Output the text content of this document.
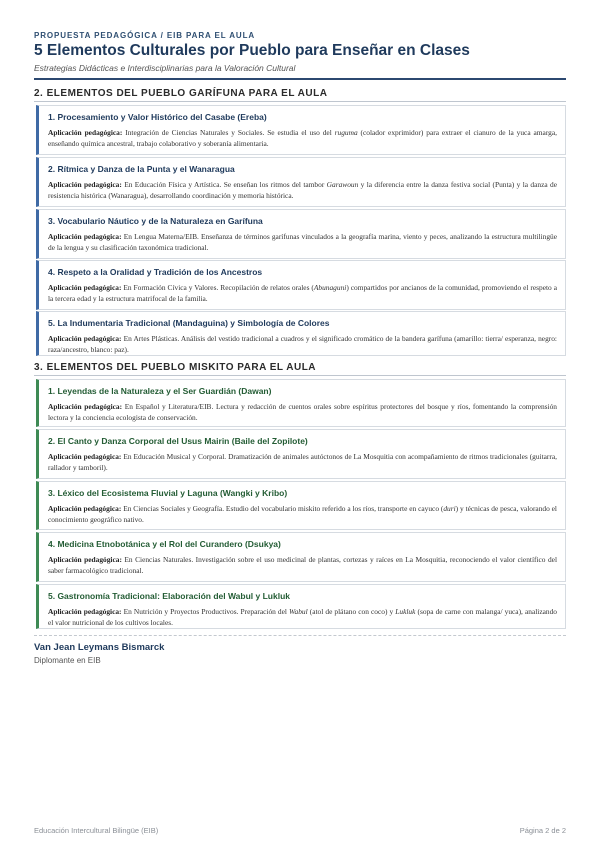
PROPUESTA PEDAGÓGICA / EIB PARA EL AULA
5 Elementos Culturales por Pueblo para Enseñar en Clases
Estrategias Didácticas e Interdisciplinarias para la Valoración Cultural
2. ELEMENTOS DEL PUEBLO GARÍFUNA PARA EL AULA
1. Procesamiento y Valor Histórico del Casabe (Ereba)
Aplicación pedagógica: Integración de Ciencias Naturales y Sociales. Se estudia el uso del ruguma (colador exprimidor) para extraer el cianuro de la yuca amarga, enseñando química ancestral, trabajo colaborativo y soberanía alimentaria.
2. Rítmica y Danza de la Punta y el Wanaragua
Aplicación pedagógica: En Educación Física y Artística. Se enseñan los ritmos del tambor Garawoun y la diferencia entre la danza festiva social (Punta) y la danza de resistencia histórica (Wanaragua), desarrollando coordinación y memoria histórica.
3. Vocabulario Náutico y de la Naturaleza en Garífuna
Aplicación pedagógica: En Lengua Materna/EIB. Enseñanza de términos garífunas vinculados a la geografía marina, viento y peces, analizando la estructura multilingüe de la lengua y su clasificación taxonómica tradicional.
4. Respeto a la Oralidad y Tradición de los Ancestros
Aplicación pedagógica: En Formación Cívica y Valores. Recopilación de relatos orales (Abunaguni) compartidos por ancianos de la comunidad, promoviendo el respeto a la tercera edad y la estructura matrifocal de la familia.
5. La Indumentaria Tradicional (Mandaguina) y Simbología de Colores
Aplicación pedagógica: En Artes Plásticas. Análisis del vestido tradicional a cuadros y el significado cromático de la bandera garífuna (amarillo: tierra/ esperanza, negro: raza/ancestro, blanco: paz).
3. ELEMENTOS DEL PUEBLO MISKITO PARA EL AULA
1. Leyendas de la Naturaleza y el Ser Guardián (Dawan)
Aplicación pedagógica: En Español y Literatura/EIB. Lectura y redacción de cuentos orales sobre espíritus protectores del bosque y ríos, fomentando la comprensión lectora y la conciencia ecologista de conservación.
2. El Canto y Danza Corporal del Usus Mairin (Baile del Zopilote)
Aplicación pedagógica: En Educación Musical y Corporal. Dramatización de animales autóctonos de La Mosquitia con acompañamiento de ritmos tradicionales (guitarra, rallador y tamboril).
3. Léxico del Ecosistema Fluvial y Laguna (Wangki y Kribo)
Aplicación pedagógica: En Ciencias Sociales y Geografía. Estudio del vocabulario miskito referido a los ríos, transporte en cayuco (duri) y técnicas de pesca, valorando el conocimiento geográfico nativo.
4. Medicina Etnobotánica y el Rol del Curandero (Dsukya)
Aplicación pedagógica: En Ciencias Naturales. Investigación sobre el uso medicinal de plantas, cortezas y raíces en La Mosquitia, reconociendo el valor científico del saber farmacológico tradicional.
5. Gastronomía Tradicional: Elaboración del Wabul y Lukluk
Aplicación pedagógica: En Nutrición y Proyectos Productivos. Preparación del Wabul (atol de plátano con coco) y Lukluk (sopa de carne con malanga/ yuca), analizando el valor nutricional de los cultivos locales.
Van Jean Leymans Bismarck
Diplomante en EIB
Educación Intercultural Bilingüe (EIB)	Página 2 de 2
